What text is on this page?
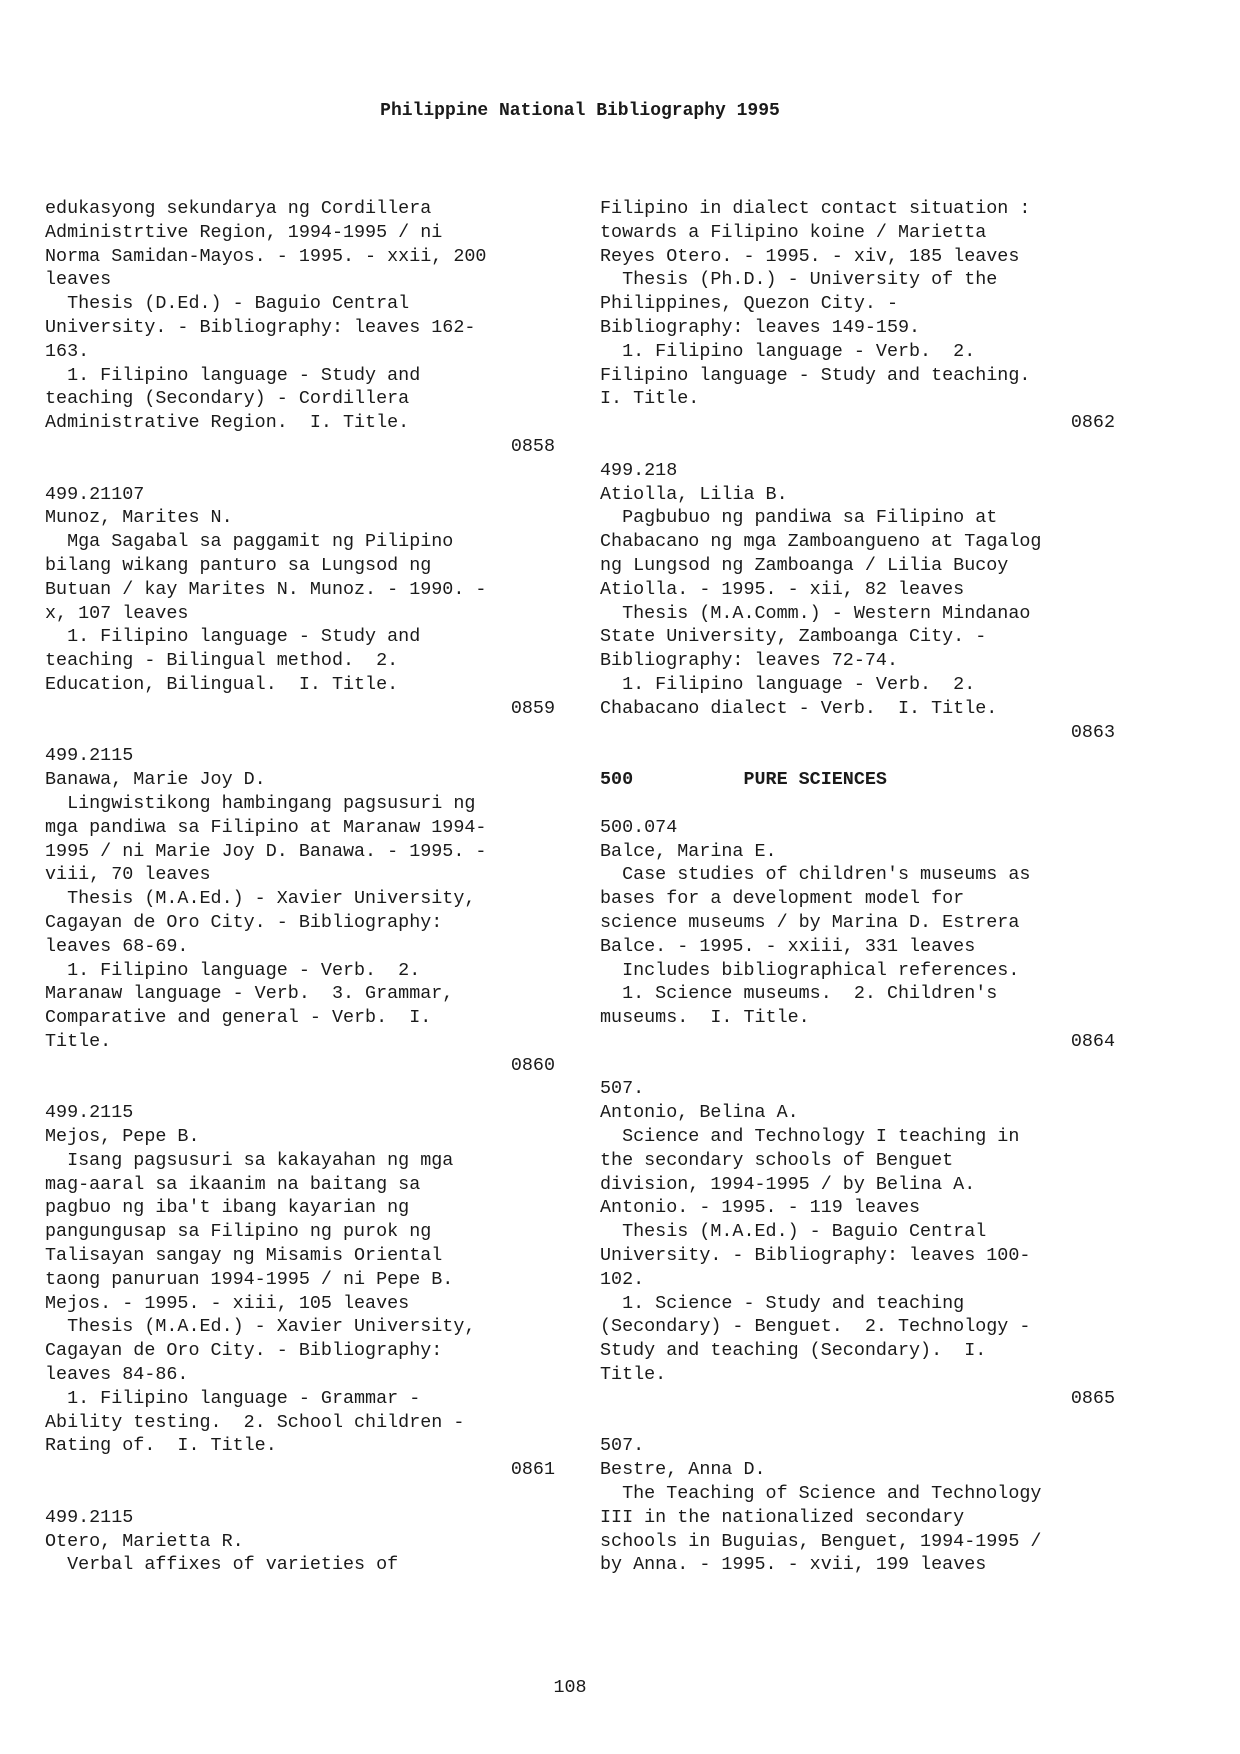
Philippine National Bibliography 1995
edukasyong sekundarya ng Cordillera
Administrtive Region, 1994-1995 / ni
Norma Samidan-Mayos. - 1995. - xxii, 200
leaves
Thesis (D.Ed.) - Baguio Central
University. - Bibliography: leaves 162-
163.
1. Filipino language - Study and
teaching (Secondary) - Cordillera
Administrative Region.  I. Title.
0858
499.21107
Munoz, Marites N.
Mga Sagabal sa paggamit ng Pilipino
bilang wikang panturo sa Lungsod ng
Butuan / kay Marites N. Munoz. - 1990. -
x, 107 leaves
1. Filipino language - Study and
teaching - Bilingual method.  2.
Education, Bilingual.  I. Title.
0859
499.2115
Banawa, Marie Joy D.
Lingwistikong hambingang pagsusuri ng
mga pandiwa sa Filipino at Maranaw 1994-
1995 / ni Marie Joy D. Banawa. - 1995. -
viii, 70 leaves
Thesis (M.A.Ed.) - Xavier University,
Cagayan de Oro City. - Bibliography:
leaves 68-69.
1. Filipino language - Verb.  2.
Maranaw language - Verb.  3. Grammar,
Comparative and general - Verb.  I.
Title.
0860
499.2115
Mejos, Pepe B.
Isang pagsusuri sa kakayahan ng mga
mag-aaral sa ikaanim na baitang sa
pagbuo ng iba't ibang kayarian ng
pangungusap sa Filipino ng purok ng
Talisayan sangay ng Misamis Oriental
taong panuruan 1994-1995 / ni Pepe B.
Mejos. - 1995. - xiii, 105 leaves
Thesis (M.A.Ed.) - Xavier University,
Cagayan de Oro City. - Bibliography:
leaves 84-86.
1. Filipino language - Grammar -
Ability testing.  2. School children -
Rating of.  I. Title.
0861
499.2115
Otero, Marietta R.
Verbal affixes of varieties of
Filipino in dialect contact situation :
towards a Filipino koine / Marietta
Reyes Otero. - 1995. - xiv, 185 leaves
Thesis (Ph.D.) - University of the
Philippines, Quezon City. -
Bibliography: leaves 149-159.
1. Filipino language - Verb.  2.
Filipino language - Study and teaching.
I. Title.
0862
499.218
Atiolla, Lilia B.
Pagbubuo ng pandiwa sa Filipino at
Chabacano ng mga Zamboangueno at Tagalog
ng Lungsod ng Zamboanga / Lilia Bucoy
Atiolla. - 1995. - xii, 82 leaves
Thesis (M.A.Comm.) - Western Mindanao
State University, Zamboanga City. -
Bibliography: leaves 72-74.
1. Filipino language - Verb.  2.
Chabacano dialect - Verb.  I. Title.
0863
500          PURE SCIENCES
500.074
Balce, Marina E.
Case studies of children's museums as
bases for a development model for
science museums / by Marina D. Estrera
Balce. - 1995. - xxiii, 331 leaves
Includes bibliographical references.
1. Science museums.  2. Children's
museums.  I. Title.
0864
507.
Antonio, Belina A.
Science and Technology I teaching in
the secondary schools of Benguet
division, 1994-1995 / by Belina A.
Antonio. - 1995. - 119 leaves
Thesis (M.A.Ed.) - Baguio Central
University. - Bibliography: leaves 100-
102.
1. Science - Study and teaching
(Secondary) - Benguet.  2. Technology -
Study and teaching (Secondary).  I.
Title.
0865
507.
Bestre, Anna D.
The Teaching of Science and Technology
III in the nationalized secondary
schools in Buguias, Benguet, 1994-1995 /
by Anna. - 1995. - xvii, 199 leaves
108
